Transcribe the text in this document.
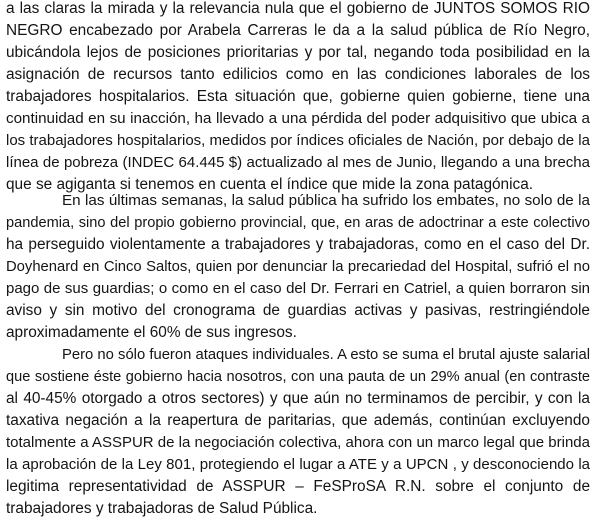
a las claras la mirada y la relevancia nula que el gobierno de JUNTOS SOMOS RIO
NEGRO encabezado por Arabela Carreras le da a la salud pública de Río Negro,
ubicándola lejos de posiciones prioritarias y por tal, negando toda posibilidad en la
asignación de recursos tanto edilicios como en las condiciones laborales de los
trabajadores hospitalarios. Esta situación que, gobierne quien gobierne, tiene una
continuidad en su inacción, ha llevado a una pérdida del poder adquisitivo que ubica a
los trabajadores hospitalarios, medidos por índices oficiales de Nación, por debajo de la
línea de pobreza (INDEC 64.445 $) actualizado al mes de Junio, llegando a una brecha
que se agiganta si tenemos en cuenta el índice que mide la zona patagónica.
En las últimas semanas, la salud pública ha sufrido los embates, no solo de la
pandemia, sino del propio gobierno provincial, que, en aras de adoctrinar a este colectivo
ha perseguido violentamente a trabajadores y trabajadoras, como en el caso del Dr.
Doyhenard en Cinco Saltos, quien por denunciar la precariedad del Hospital, sufrió el no
pago de sus guardias; o como en el caso del Dr. Ferrari en Catriel, a quien borraron sin
aviso y sin motivo del cronograma de guardias activas y pasivas, restringiéndole
aproximadamente el 60% de sus ingresos.
Pero no sólo fueron ataques individuales. A esto se suma el brutal ajuste salarial
que sostiene éste gobierno hacia nosotros, con una pauta de un 29% anual (en contraste
al 40-45% otorgado a otros sectores) y que aún no terminamos de percibir, y con la
taxativa negación a la reapertura de paritarias, que además, continúan excluyendo
totalmente a ASSPUR de la negociación colectiva, ahora con un marco legal que brinda
la aprobación de la Ley 801, protegiendo el lugar a ATE y a UPCN , y desconociendo la
legitima representatividad de ASSPUR – FeSProSA R.N. sobre el conjunto de
trabajadores y trabajadoras de Salud Pública.
